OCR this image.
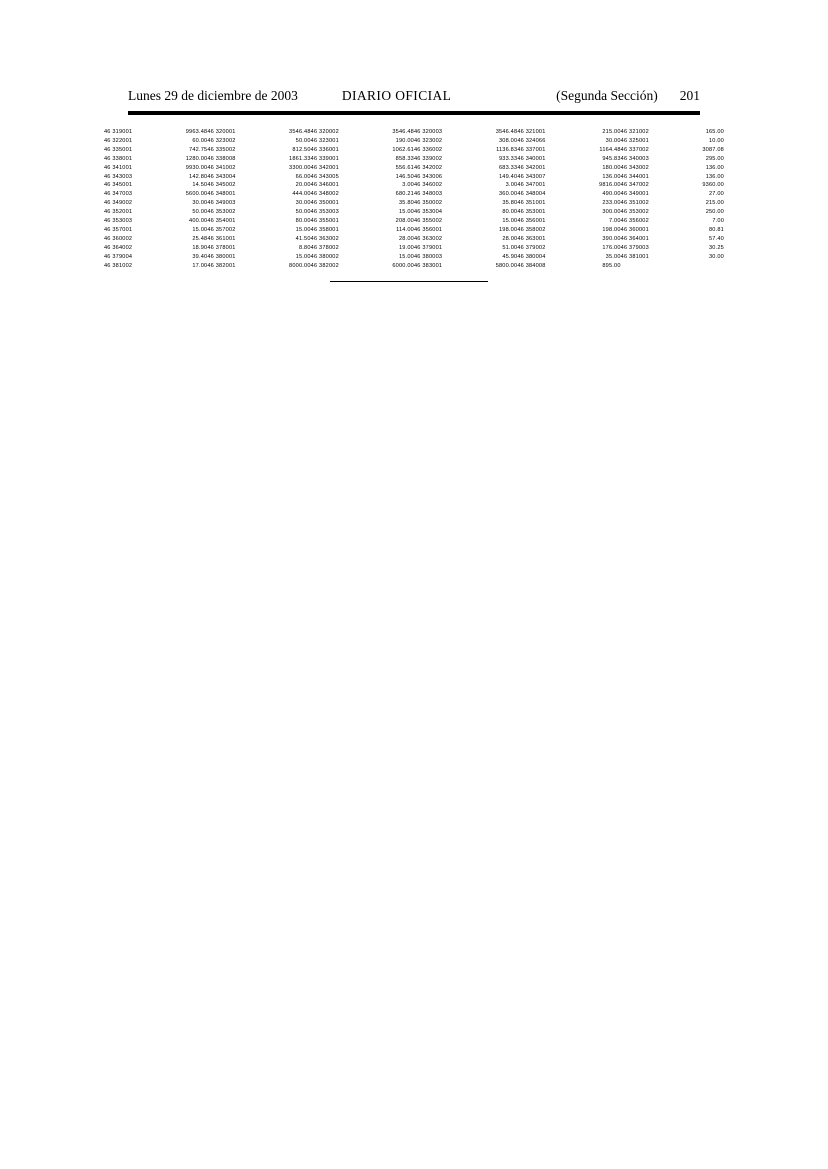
Lunes 29 de diciembre de 2003	DIARIO OFICIAL	(Segunda Sección) 201
46 319001	9963.48	46 320001	3546.48	46 320002	3546.48	46 320003	3546.48	46 321001	215.00	46 321002	165.00
46 322001	60.00	46 323002	50.00	46 323001	190.00	46 323002	308.00	46 324066	30.00	46 325001	10.00
46 335001	742.75	46 335002	812.50	46 336001	1062.61	46 336002	1136.83	46 337001	1164.48	46 337002	3087.08
46 338001	1280.00	46 338008	1861.33	46 339001	858.33	46 339002	933.33	46 340001	945.83	46 340003	295.00
46 341001	9930.00	46 341002	3300.00	46 342001	556.61	46 342002	683.33	46 342001	180.00	46 343002	136.00
46 343003	142.80	46 343004	66.00	46 343005	146.50	46 343006	149.40	46 343007	136.00	46 344001	136.00
46 345001	14.50	46 345002	20.00	46 346001	3.00	46 346002	3.00	46 347001	9816.00	46 347002	9360.00
46 347003	5600.00	46 348001	444.00	46 348002	680.21	46 348003	360.00	46 348004	490.00	46 349001	27.00
46 349002	30.00	46 349003	30.00	46 350001	35.80	46 350002	35.80	46 351001	233.00	46 351002	215.00
46 352001	50.00	46 353002	50.00	46 353003	15.00	46 353004	80.00	46 353001	300.00	46 353002	250.00
46 353003	400.00	46 354001	80.00	46 355001	208.00	46 355002	15.00	46 356001	7.00	46 356002	7.00
46 357001	15.00	46 357002	15.00	46 358001	114.00	46 356001	198.00	46 358002	198.00	46 360001	80.81
46 360002	25.48	46 361001	41.50	46 363002	28.00	46 363002	28.00	46 363001	390.00	46 364001	57.40
46 364002	18.90	46 378001	8.80	46 378002	19.00	46 379001	51.00	46 379002	176.00	46 379003	30.25
46 379004	39.40	46 380001	15.00	46 380002	15.00	46 380003	45.90	46 380004	35.00	46 381001	30.00
46 381002	17.00	46 382001	8000.00	46 382002	6000.00	46 383001	5800.00	46 384008	895.00		
